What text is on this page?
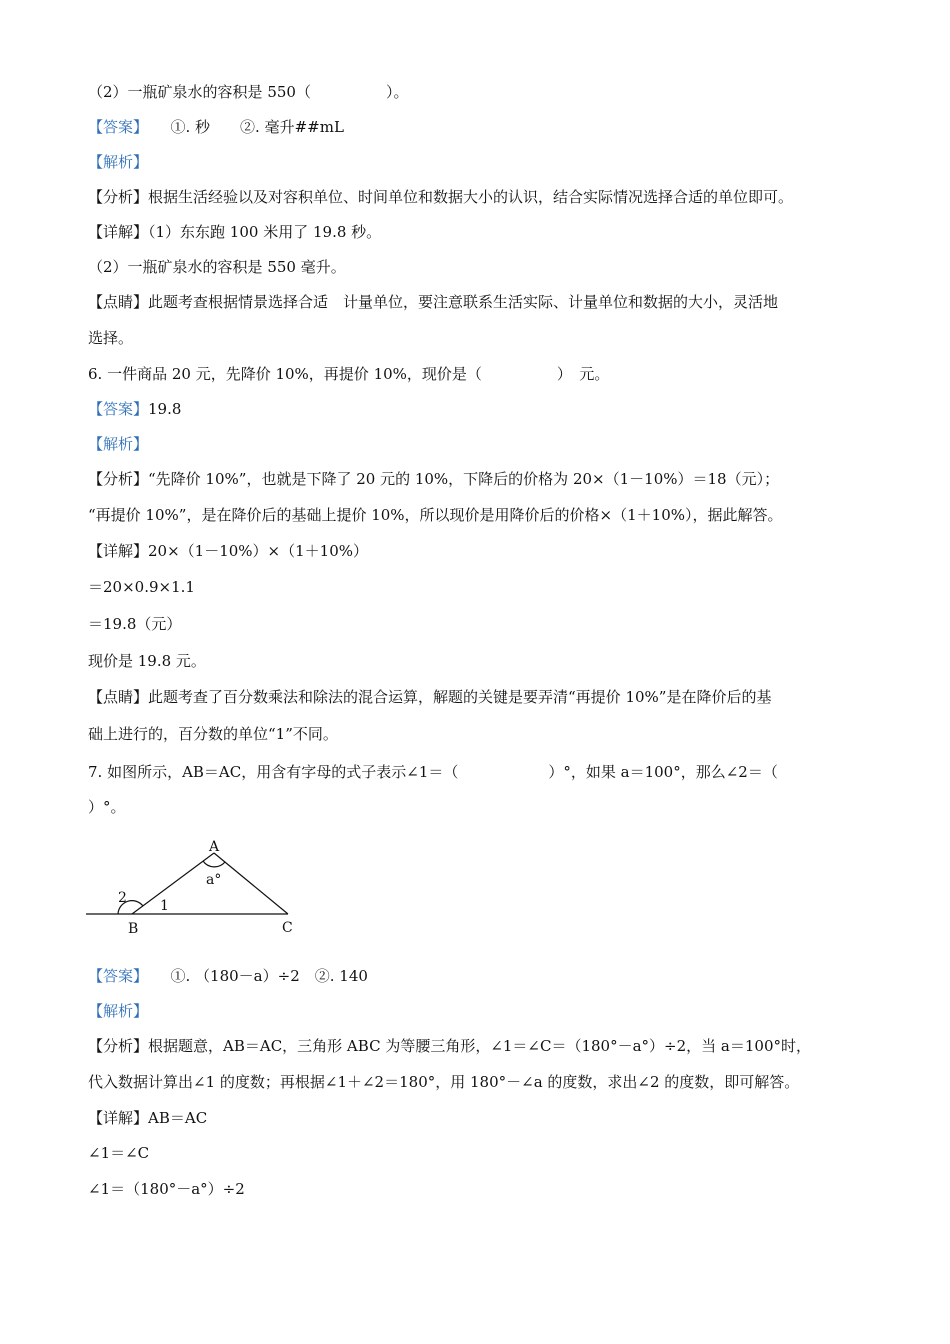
（2）一瓶矿泉水的容积是 550（　　　　　）。
【答案】　　①. 秒　　②. 毫升##mL
【解析】
【分析】根据生活经验以及对容积单位、时间单位和数据大小的认识，结合实际情况选择合适的单位即可。
【详解】（1）东东跑 100 米用了 19.8 秒。
（2）一瓶矿泉水的容积是 550 毫升。
【点睛】此题考查根据情景选择合适　计量单位，要注意联系生活实际、计量单位和数据的大小，灵活地
选择。
6. 一件商品 20 元，先降价 10%，再提价 10%，现价是（　　　　　）　元。
【答案】19.8
【解析】
【分析】“先降价 10%”，也就是下降了 20 元的 10%，下降后的价格为 20×（1－10%）＝18（元）；
“再提价 10%”，是在降价后的基础上提价 10%，所以现价是用降价后的价格×（1＋10%），据此解答。
【详解】20×（1－10%）×（1＋10%）
＝20×0.9×1.1
＝19.8（元）
现价是 19.8 元。
【点睛】此题考查了百分数乘法和除法的混合运算，解题的关键是要弄清“再提价 10%”是在降价后的基
础上进行的，百分数的单位“1”不同。
7. 如图所示，AB＝AC，用含有字母的式子表示∠1＝（　　　　　　）°，如果 a＝100°，那么∠2＝（
）°。
A
a°
2 1
B	C
【答案】　　①. （180－a）÷2　②. 140
【解析】
【分析】根据题意，AB＝AC，三角形 ABC 为等腰三角形，∠1＝∠C＝（180°－a°）÷2，当 a＝100°时，
代入数据计算出∠1 的度数；再根据∠1＋∠2＝180°，用 180°－∠a 的度数，求出∠2 的度数，即可解答。
【详解】AB＝AC
∠1＝∠C
∠1＝（180°－a°）÷2
